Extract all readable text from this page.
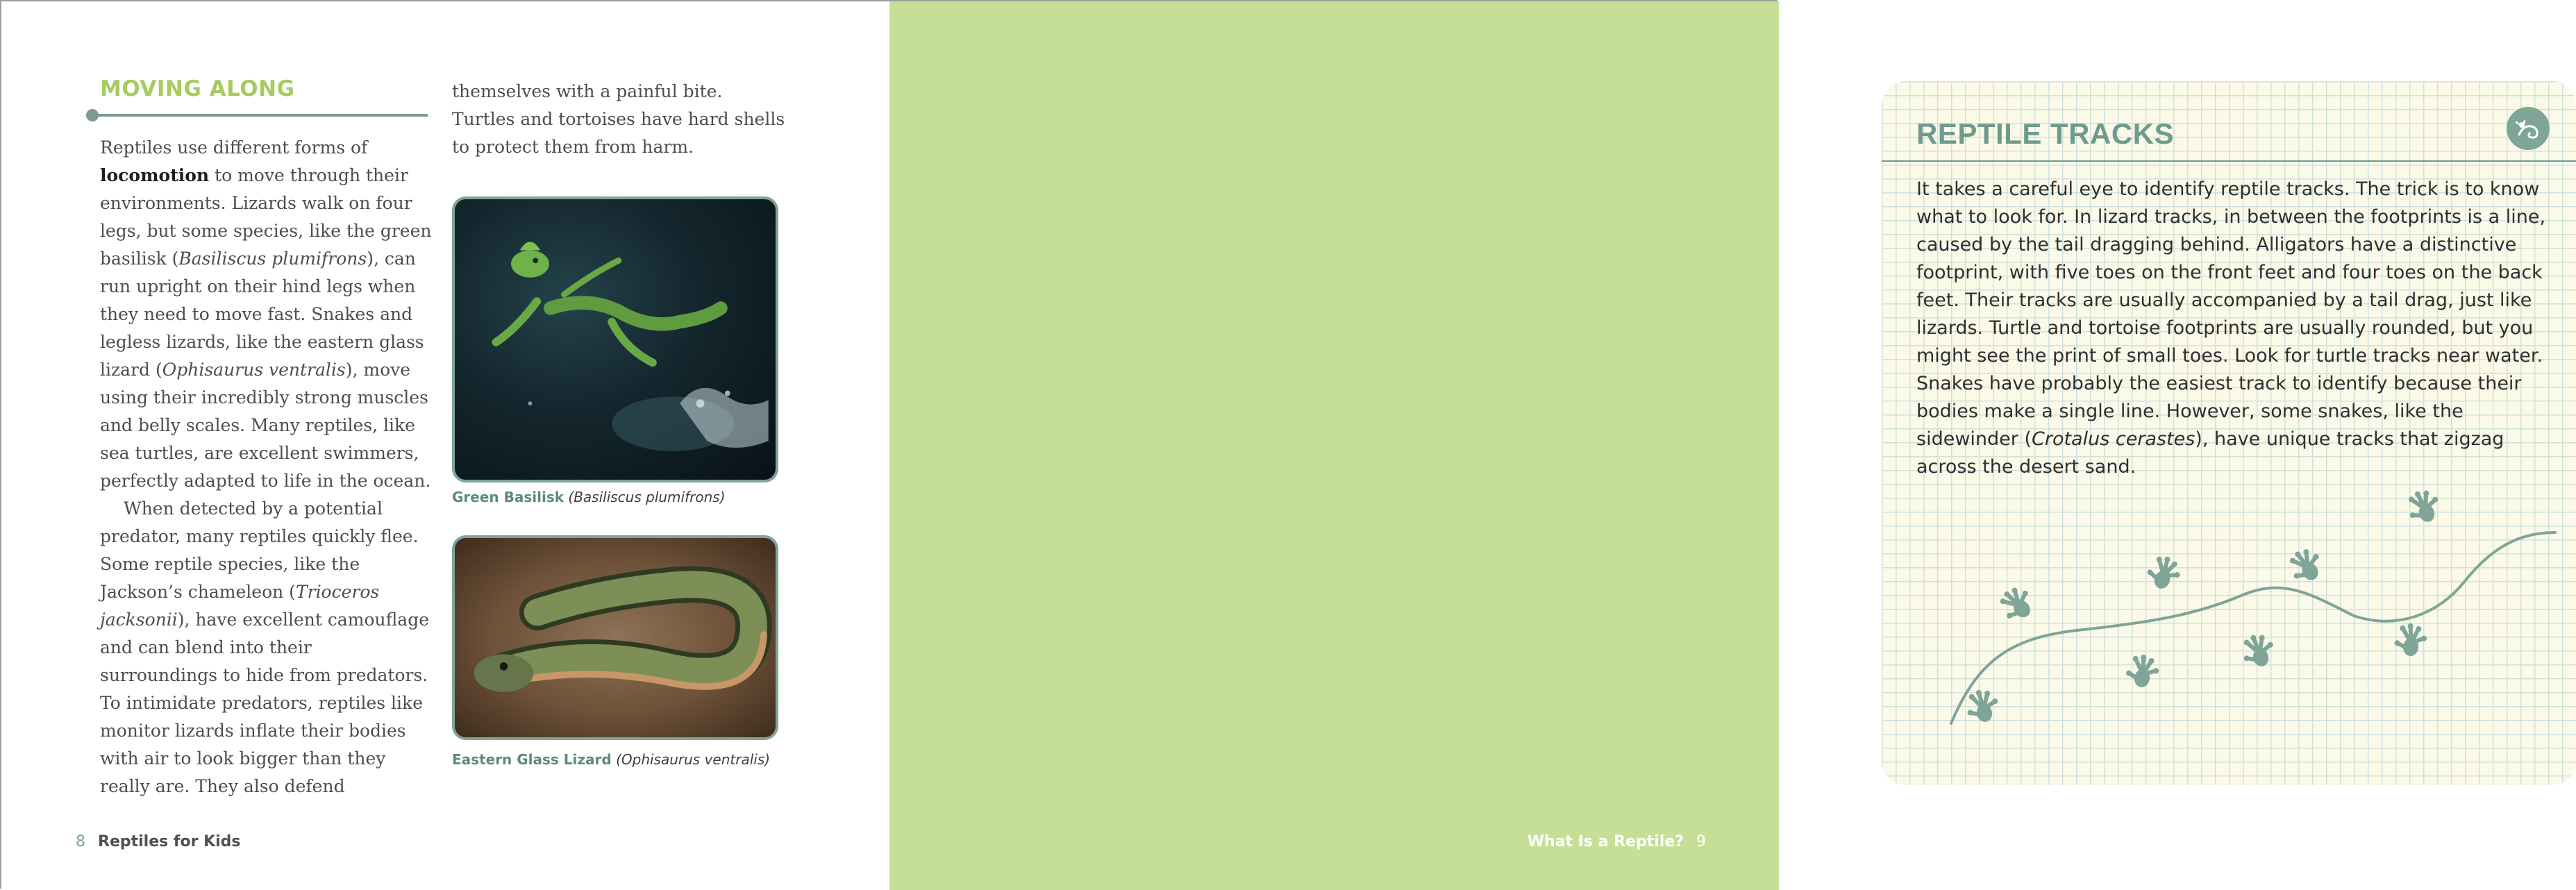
MOVING ALONG

Reptiles use different forms of locomotion to move through their environments. Lizards walk on four legs, but some species, like the green basilisk (Basiliscus plumifrons), can run upright on their hind legs when they need to move fast. Snakes and legless lizards, like the eastern glass lizard (Ophisaurus ventralis), move using their incredibly strong muscles and belly scales. Many reptiles, like sea turtles, are excellent swimmers, perfectly adapted to life in the ocean.

When detected by a potential predator, many reptiles quickly flee. Some reptile species, like the Jackson’s chameleon (Trioceros jacksonii), have excellent camouflage and can blend into their surroundings to hide from predators. To intimidate predators, reptiles like monitor lizards inflate their bodies with air to look bigger than they really are. They also defend

themselves with a painful bite. Turtles and tortoises have hard shells to protect them from harm.

Green Basilisk (Basiliscus plumifrons)
Eastern Glass Lizard (Ophisaurus ventralis)
8 Reptiles for Kids
REPTILE TRACKS

It takes a careful eye to identify reptile tracks. The trick is to know what to look for. In lizard tracks, in between the footprints is a line, caused by the tail dragging behind. Alligators have a distinctive footprint, with five toes on the front feet and four toes on the back feet. Their tracks are usually accompanied by a tail drag, just like lizards. Turtle and tortoise footprints are usually rounded, but you might see the print of small toes. Look for turtle tracks near water. Snakes have probably the easiest track to identify because their bodies make a single line. However, some snakes, like the sidewinder (Crotalus cerastes), have unique tracks that zigzag across the desert sand.

What Is a Reptile? 9
